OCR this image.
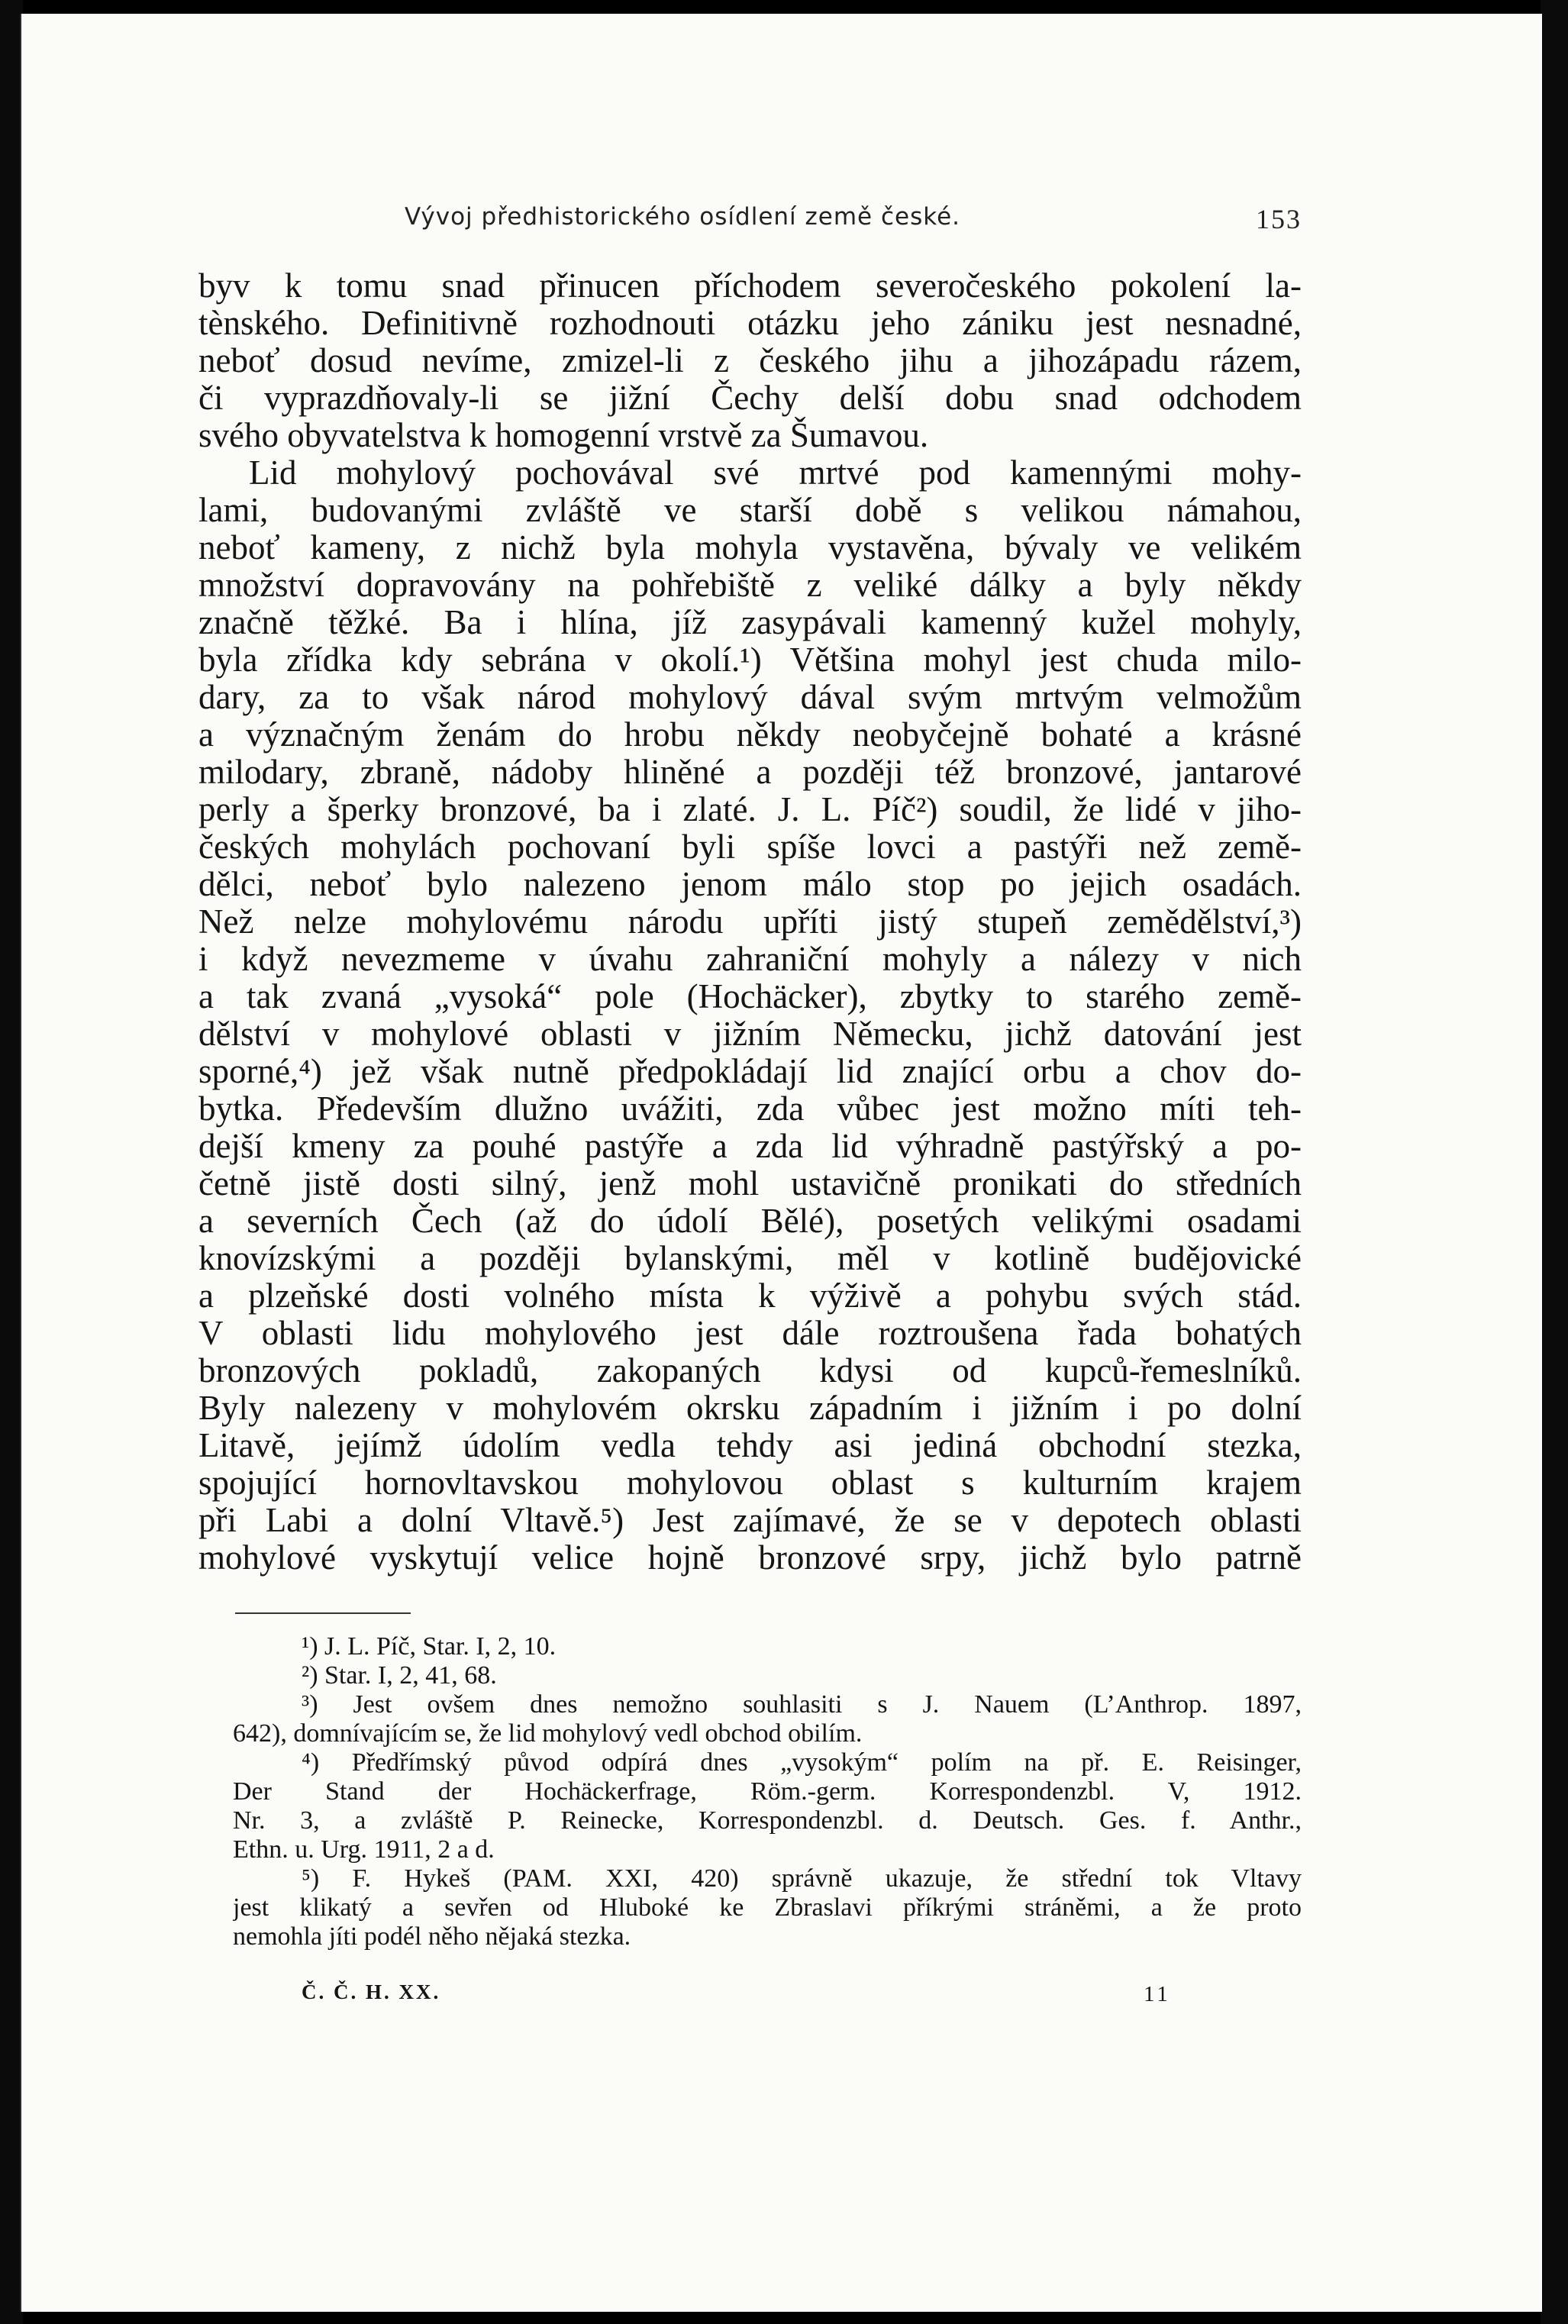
Vývoj předhistorického osídlení země české.	153
byv k tomu snad přinucen příchodem severočeského pokolení la-
tènského. Definitivně rozhodnouti otázku jeho zániku jest nesnadné,
neboť dosud nevíme, zmizel-li z českého jihu a jihozápadu rázem,
či vyprazdňovaly-li se jižní Čechy delší dobu snad odchodem
svého obyvatelstva k homogenní vrstvě za Šumavou.
Lid mohylový pochovával své mrtvé pod kamennými mohy-
lami, budovanými zvláště ve starší době s velikou námahou,
neboť kameny, z nichž byla mohyla vystavěna, bývaly ve velikém
množství dopravovány na pohřebiště z veliké dálky a byly někdy
značně těžké. Ba i hlína, jíž zasypávali kamenný kužel mohyly,
byla zřídka kdy sebrána v okolí.¹) Většina mohyl jest chuda milo-
dary, za to však národ mohylový dával svým mrtvým velmožům
a význačným ženám do hrobu někdy neobyčejně bohaté a krásné
milodary, zbraně, nádoby hliněné a později též bronzové, jantarové
perly a šperky bronzové, ba i zlaté. J. L. Píč²) soudil, že lidé v jiho-
českých mohylách pochovaní byli spíše lovci a pastýři než země-
dělci, neboť bylo nalezeno jenom málo stop po jejich osadách.
Než nelze mohylovému národu upříti jistý stupeň zemědělství,³)
i když nevezmeme v úvahu zahraniční mohyly a nálezy v nich
a tak zvaná „vysoká“ pole (Hochäcker), zbytky to starého země-
dělství v mohylové oblasti v jižním Německu, jichž datování jest
sporné,⁴) jež však nutně předpokládají lid znající orbu a chov do-
bytka. Především dlužno uvážiti, zda vůbec jest možno míti teh-
dejší kmeny za pouhé pastýře a zda lid výhradně pastýřský a po-
četně jistě dosti silný, jenž mohl ustavičně pronikati do středních
a severních Čech (až do údolí Bělé), posetých velikými osadami
knovízskými a později bylanskými, měl v kotlině budějovické
a plzeňské dosti volného místa k výživě a pohybu svých stád.
V oblasti lidu mohylového jest dále roztroušena řada bohatých
bronzových pokladů, zakopaných kdysi od kupců-řemeslníků.
Byly nalezeny v mohylovém okrsku západním i jižním i po dolní
Litavě, jejímž údolím vedla tehdy asi jediná obchodní stezka,
spojující hornovltavskou mohylovou oblast s kulturním krajem
při Labi a dolní Vltavě.⁵) Jest zajímavé, že se v depotech oblasti
mohylové vyskytují velice hojně bronzové srpy, jichž bylo patrně
¹) J. L. Píč, Star. I, 2, 10.
²) Star. I, 2, 41, 68.
³) Jest ovšem dnes nemožno souhlasiti s J. Nauem (L’Anthrop. 1897,
642), domnívajícím se, že lid mohylový vedl obchod obilím.
⁴) Předřímský původ odpírá dnes „vysokým“ polím na př. E. Reisinger,
Der Stand der Hochäckerfrage, Röm.-germ. Korrespondenzbl. V, 1912.
Nr. 3, a zvláště P. Reinecke, Korrespondenzbl. d. Deutsch. Ges. f. Anthr.,
Ethn. u. Urg. 1911, 2 a d.
⁵) F. Hykeš (PAM. XXI, 420) správně ukazuje, že střední tok Vltavy
jest klikatý a sevřen od Hluboké ke Zbraslavi příkrými stráněmi, a že proto
nemohla jíti podél něho nějaká stezka.
Č. Č. H. XX.	11
